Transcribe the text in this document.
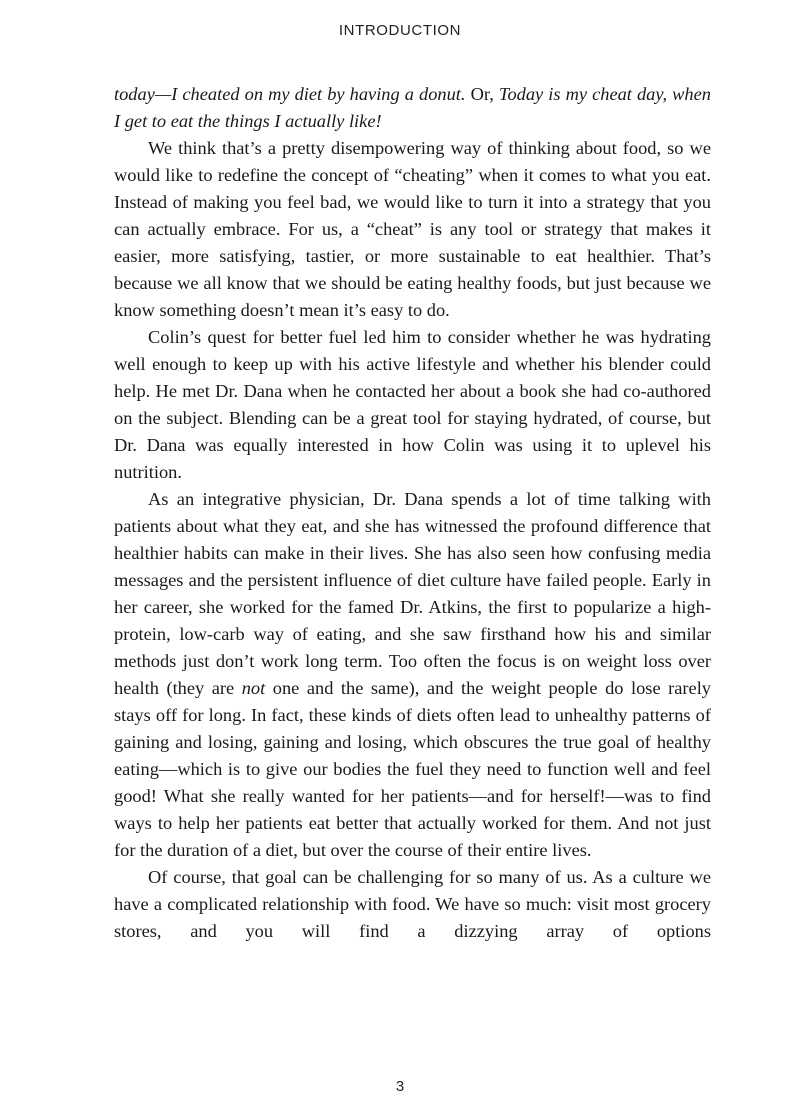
INTRODUCTION

today—I cheated on my diet by having a donut. Or, Today is my cheat day, when I get to eat the things I actually like!

We think that’s a pretty disempowering way of thinking about food, so we would like to redefine the concept of “cheating” when it comes to what you eat. Instead of making you feel bad, we would like to turn it into a strategy that you can actually embrace. For us, a “cheat” is any tool or strategy that makes it easier, more satisfying, tastier, or more sustainable to eat healthier. That’s because we all know that we should be eating healthy foods, but just because we know something doesn’t mean it’s easy to do.

Colin’s quest for better fuel led him to consider whether he was hydrating well enough to keep up with his active lifestyle and whether his blender could help. He met Dr. Dana when he contacted her about a book she had co-authored on the subject. Blending can be a great tool for staying hydrated, of course, but Dr. Dana was equally interested in how Colin was using it to uplevel his nutrition.

As an integrative physician, Dr. Dana spends a lot of time talking with patients about what they eat, and she has witnessed the profound difference that healthier habits can make in their lives. She has also seen how confusing media messages and the persistent influence of diet culture have failed people. Early in her career, she worked for the famed Dr. Atkins, the first to popularize a high-protein, low-carb way of eating, and she saw firsthand how his and similar methods just don’t work long term. Too often the focus is on weight loss over health (they are not one and the same), and the weight people do lose rarely stays off for long. In fact, these kinds of diets often lead to unhealthy patterns of gaining and losing, gaining and losing, which obscures the true goal of healthy eating—which is to give our bodies the fuel they need to function well and feel good! What she really wanted for her patients—and for herself!—was to find ways to help her patients eat better that actually worked for them. And not just for the duration of a diet, but over the course of their entire lives.

Of course, that goal can be challenging for so many of us. As a culture we have a complicated relationship with food. We have so much: visit most grocery stores, and you will find a dizzying array of options

3
